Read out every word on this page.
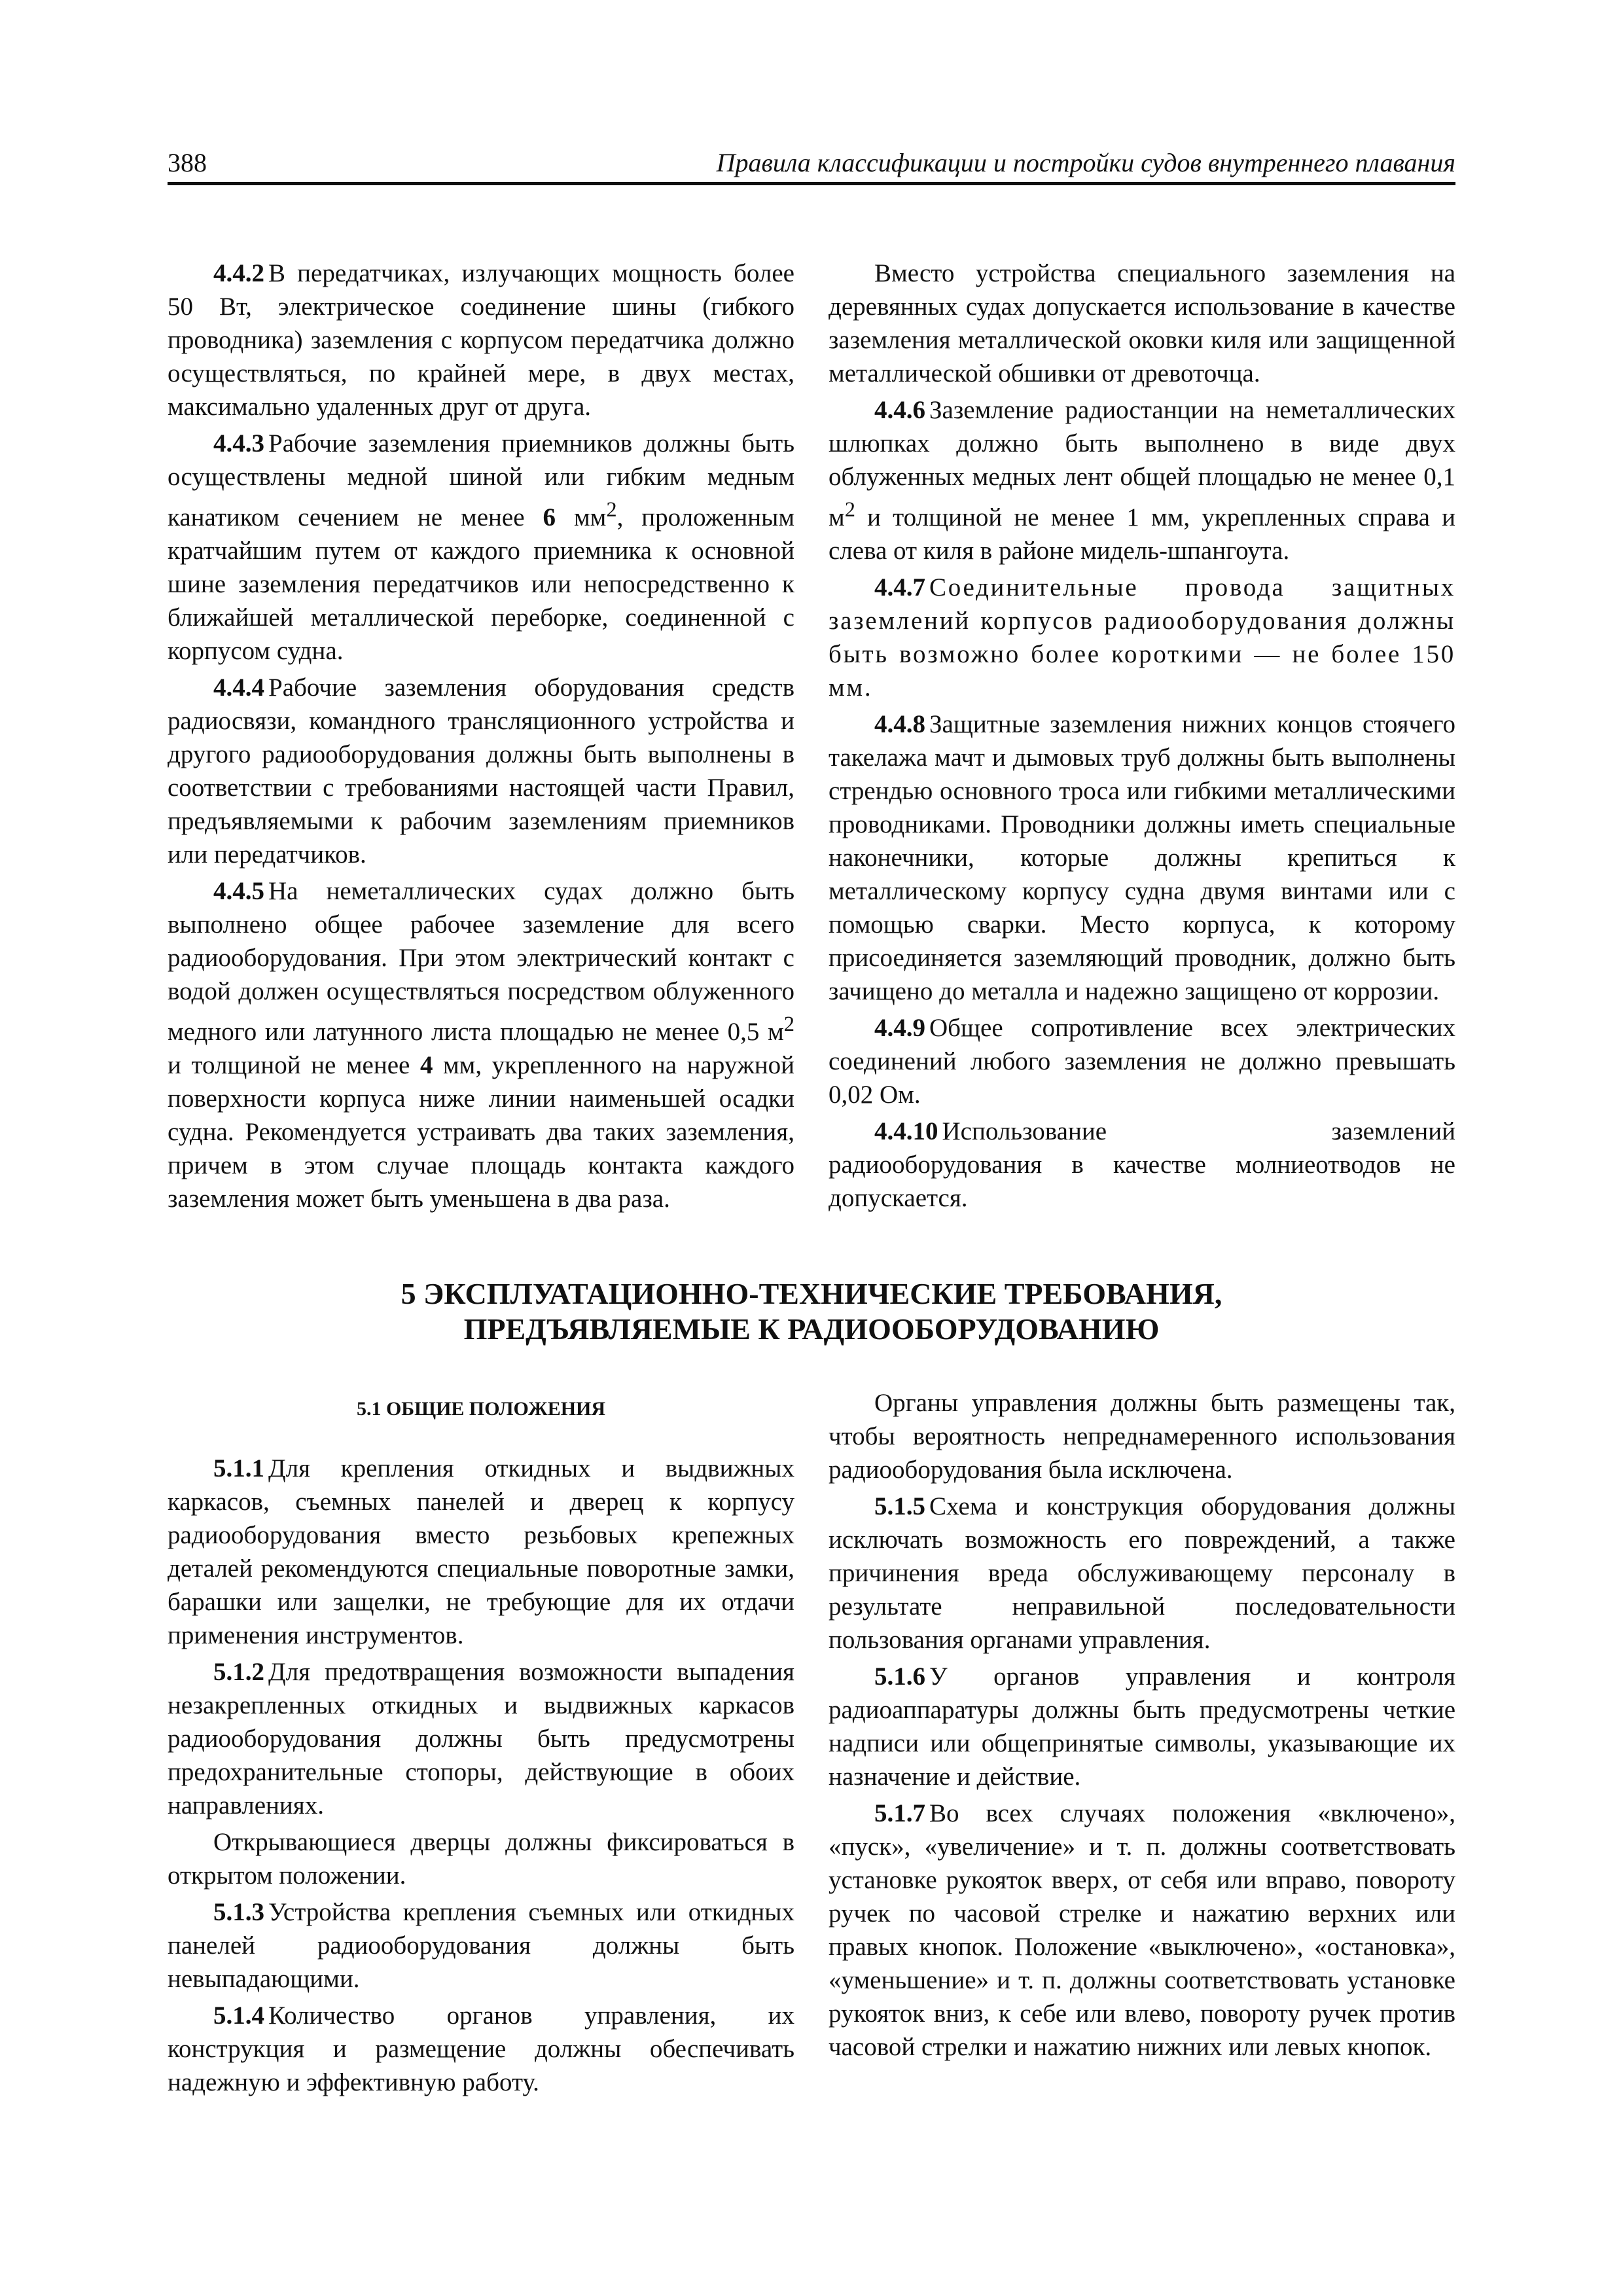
388	Правила классификации и постройки судов внутреннего плавания

4.4.2 В передатчиках, излучающих мощность более 50 Вт, электрическое соединение шины (гибкого проводника) заземления с корпусом передатчика должно осуществляться, по крайней мере, в двух местах, максимально удаленных друг от друга.

4.4.3 Рабочие заземления приемников должны быть осуществлены медной шиной или гибким медным канатиком сечением не менее 6 $мм^2$, проложенным кратчайшим путем от каждого приемника к основной шине заземления передатчиков или непосредственно к ближайшей металлической переборке, соединенной с корпусом судна.

4.4.4 Рабочие заземления оборудования средств радиосвязи, командного трансляционного устройства и другого радиооборудования должны быть выполнены в соответствии с требованиями настоящей части Правил, предъявляемыми к рабочим заземлениям приемников или передатчиков.

4.4.5 На неметаллических судах должно быть выполнено общее рабочее заземление для всего радиооборудования. При этом электрический контакт с водой должен осуществляться посредством облуженного медного или латунного листа площадью не менее 0,5 $м^2$ и толщиной не менее 4 мм, укрепленного на наружной поверхности корпуса ниже линии наименьшей осадки судна. Рекомендуется устраивать два таких заземления, причем в этом случае площадь контакта каждого заземления может быть уменьшена в два раза.

Вместо устройства специального заземления на деревянных судах допускается использование в качестве заземления металлической оковки киля или защищенной металлической обшивки от древоточца.

4.4.6 Заземление радиостанции на неметаллических шлюпках должно быть выполнено в виде двух облуженных медных лент общей площадью не менее 0,1 $м^2$ и толщиной не менее 1 мм, укрепленных справа и слева от киля в районе мидель-шпангоута.

4.4.7 Соединительные провода защитных заземлений корпусов радиооборудования должны быть возможно более короткими — не более 150 мм.

4.4.8 Защитные заземления нижних концов стоячего такелажа мачт и дымовых труб должны быть выполнены стрендью основного троса или гибкими металлическими проводниками. Проводники должны иметь специальные наконечники, которые должны крепиться к металлическому корпусу судна двумя винтами или с помощью сварки. Место корпуса, к которому присоединяется заземляющий проводник, должно быть зачищено до металла и надежно защищено от коррозии.

4.4.9 Общее сопротивление всех электрических соединений любого заземления не должно превышать 0,02 Ом.

4.4.10 Использование заземлений радиооборудования в качестве молниеотводов не допускается.

5 ЭКСПЛУАТАЦИОННО-ТЕХНИЧЕСКИЕ ТРЕБОВАНИЯ,
ПРЕДЪЯВЛЯЕМЫЕ К РАДИООБОРУДОВАНИЮ
5.1 ОБЩИЕ ПОЛОЖЕНИЯ

5.1.1 Для крепления откидных и выдвижных каркасов, съемных панелей и дверец к корпусу радиооборудования вместо резьбовых крепежных деталей рекомендуются специальные поворотные замки, барашки или защелки, не требующие для их отдачи применения инструментов.

5.1.2 Для предотвращения возможности выпадения незакрепленных откидных и выдвижных каркасов радиооборудования должны быть предусмотрены предохранительные стопоры, действующие в обоих направлениях.

Открывающиеся дверцы должны фиксироваться в открытом положении.

5.1.3 Устройства крепления съемных или откидных панелей радиооборудования должны быть невыпадающими.

5.1.4 Количество органов управления, их конструкция и размещение должны обеспечивать надежную и эффективную работу.

Органы управления должны быть размещены так, чтобы вероятность непреднамеренного использования радиооборудования была исключена.

5.1.5 Схема и конструкция оборудования должны исключать возможность его повреждений, а также причинения вреда обслуживающему персоналу в результате неправильной последовательности пользования органами управления.

5.1.6 У органов управления и контроля радиоаппаратуры должны быть предусмотрены четкие надписи или общепринятые символы, указывающие их назначение и действие.

5.1.7 Во всех случаях положения «включено», «пуск», «увеличение» и т. п. должны соответствовать установке рукояток вверх, от себя или вправо, повороту ручек по часовой стрелке и нажатию верхних или правых кнопок. Положение «выключено», «остановка», «уменьшение» и т. п. должны соответствовать установке рукояток вниз, к себе или влево, повороту ручек против часовой стрелки и нажатию нижних или левых кнопок.
